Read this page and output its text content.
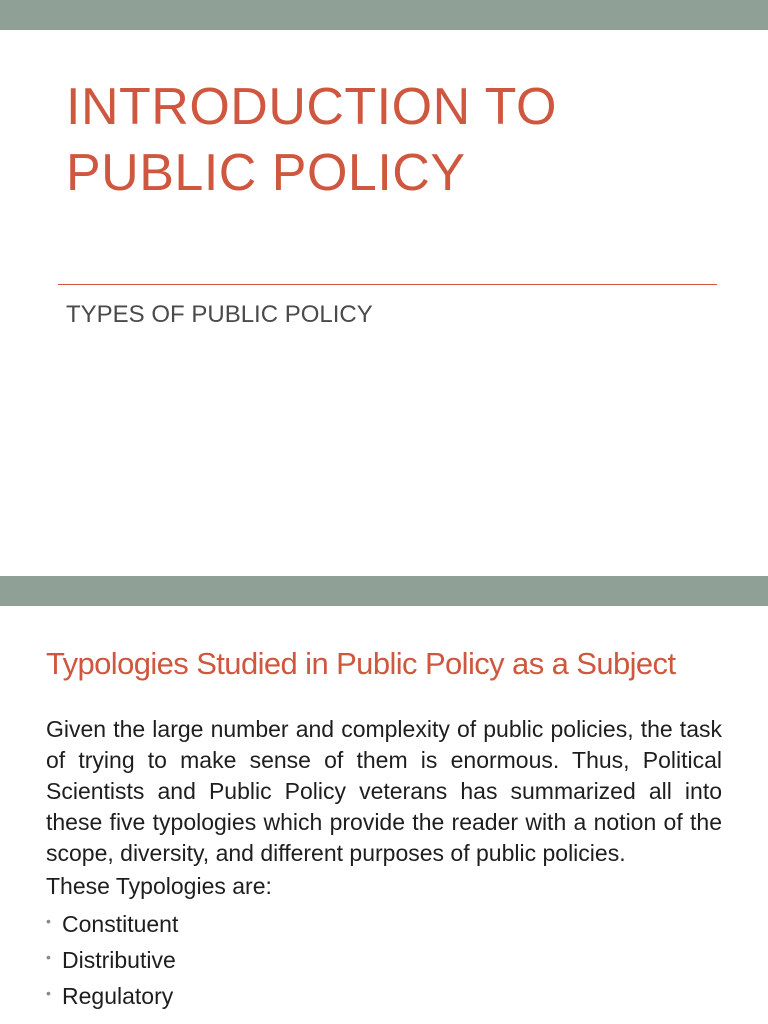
INTRODUCTION TO
PUBLIC POLICY
TYPES OF PUBLIC POLICY
Typologies Studied in Public Policy as a Subject

Given the large number and complexity of public policies, the task of trying to make sense of them is enormous. Thus, Political Scientists and Public Policy veterans has summarized all into these five typologies which provide the reader with a notion of the scope, diversity, and different purposes of public policies.

These Typologies are:

• Constituent
• Distributive
• Regulatory
